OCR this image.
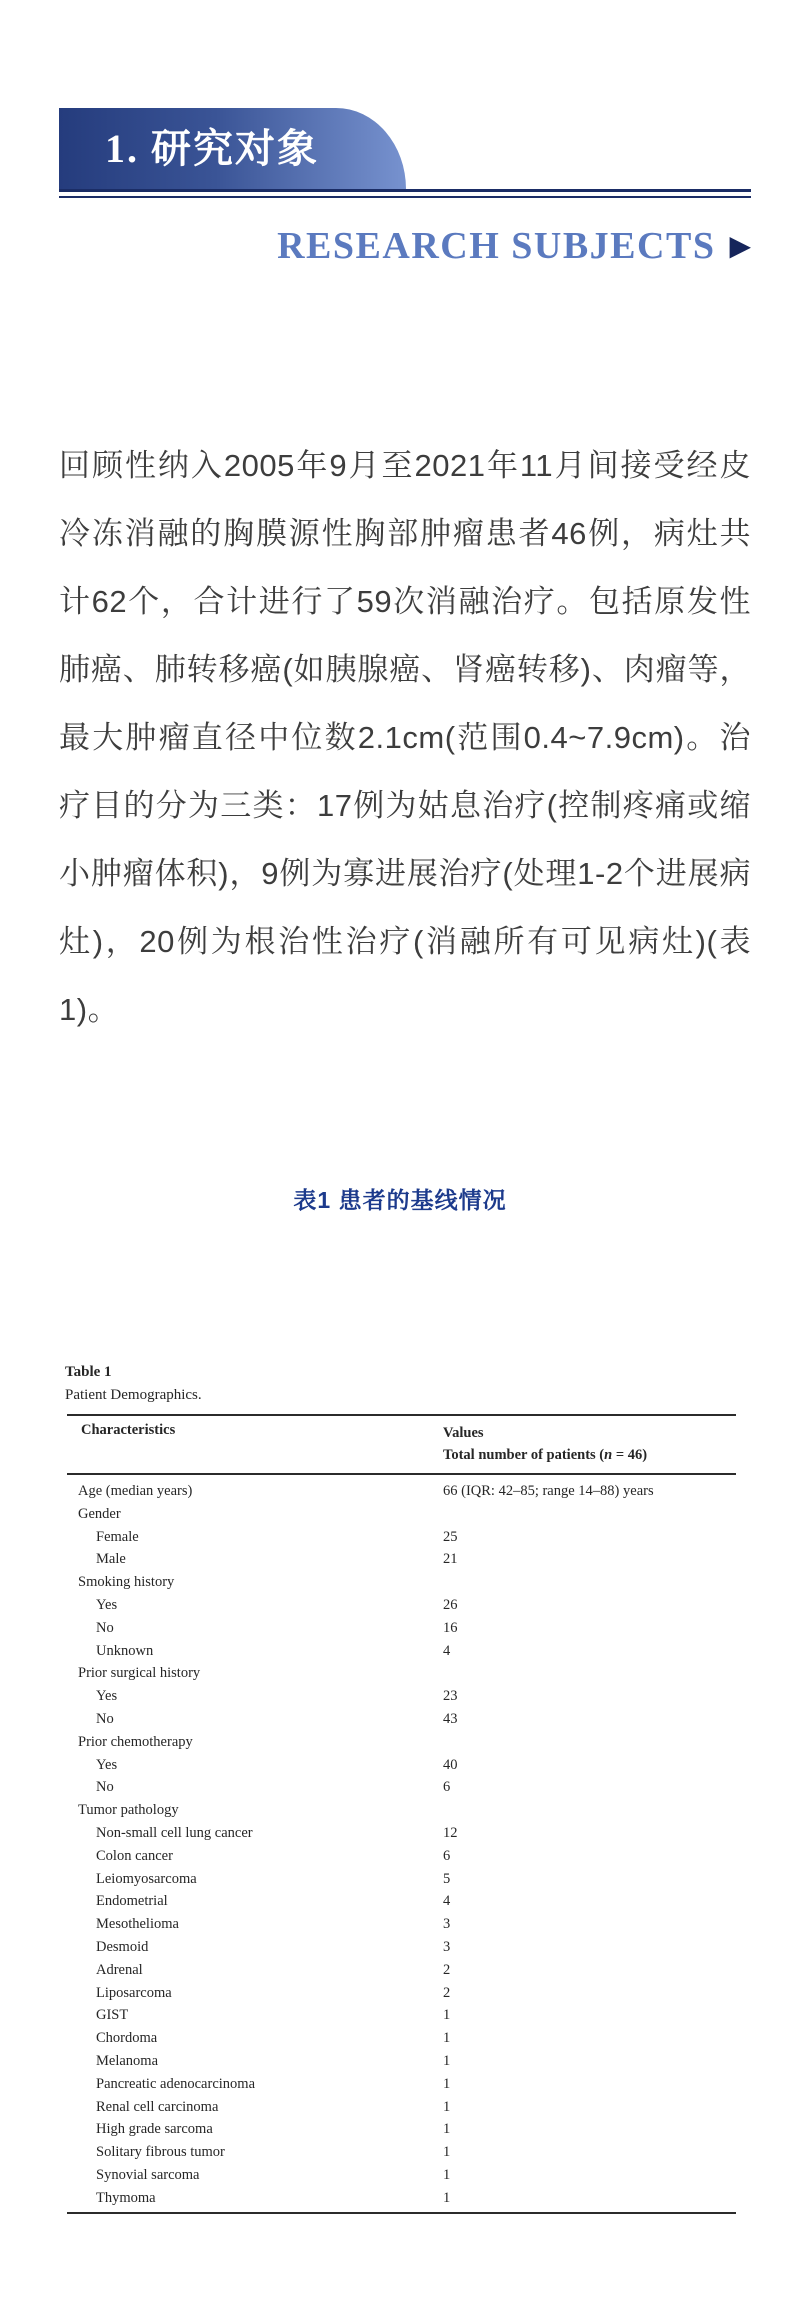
1. 研究对象
RESEARCH SUBJECTS ▶

回顾性纳入2005年9月至2021年11月间接受经皮冷冻消融的胸膜源性胸部肿瘤患者46例，病灶共计62个，合计进行了59次消融治疗。包括原发性肺癌、肺转移癌(如胰腺癌、肾癌转移)、肉瘤等，最大肿瘤直径中位数2.1cm(范围0.4~7.9cm)。治疗目的分为三类：17例为姑息治疗(控制疼痛或缩小肿瘤体积)，9例为寡进展治疗(处理1-2个进展病灶)，20例为根治性治疗(消融所有可见病灶)(表1)。

表1 患者的基线情况
Table 1
Patient Demographics.
Characteristics	Values
Total number of patients (n = 46)
Age (median years)	66 (IQR: 42–85; range 14–88) years
Gender
Female	25
Male	21
Smoking history
Yes	26
No	16
Unknown	4
Prior surgical history
Yes	23
No	43
Prior chemotherapy
Yes	40
No	6
Tumor pathology
Non-small cell lung cancer	12
Colon cancer	6
Leiomyosarcoma	5
Endometrial	4
Mesothelioma	3
Desmoid	3
Adrenal	2
Liposarcoma	2
GIST	1
Chordoma	1
Melanoma	1
Pancreatic adenocarcinoma	1
Renal cell carcinoma	1
High grade sarcoma	1
Solitary fibrous tumor	1
Synovial sarcoma	1
Thymoma	1
